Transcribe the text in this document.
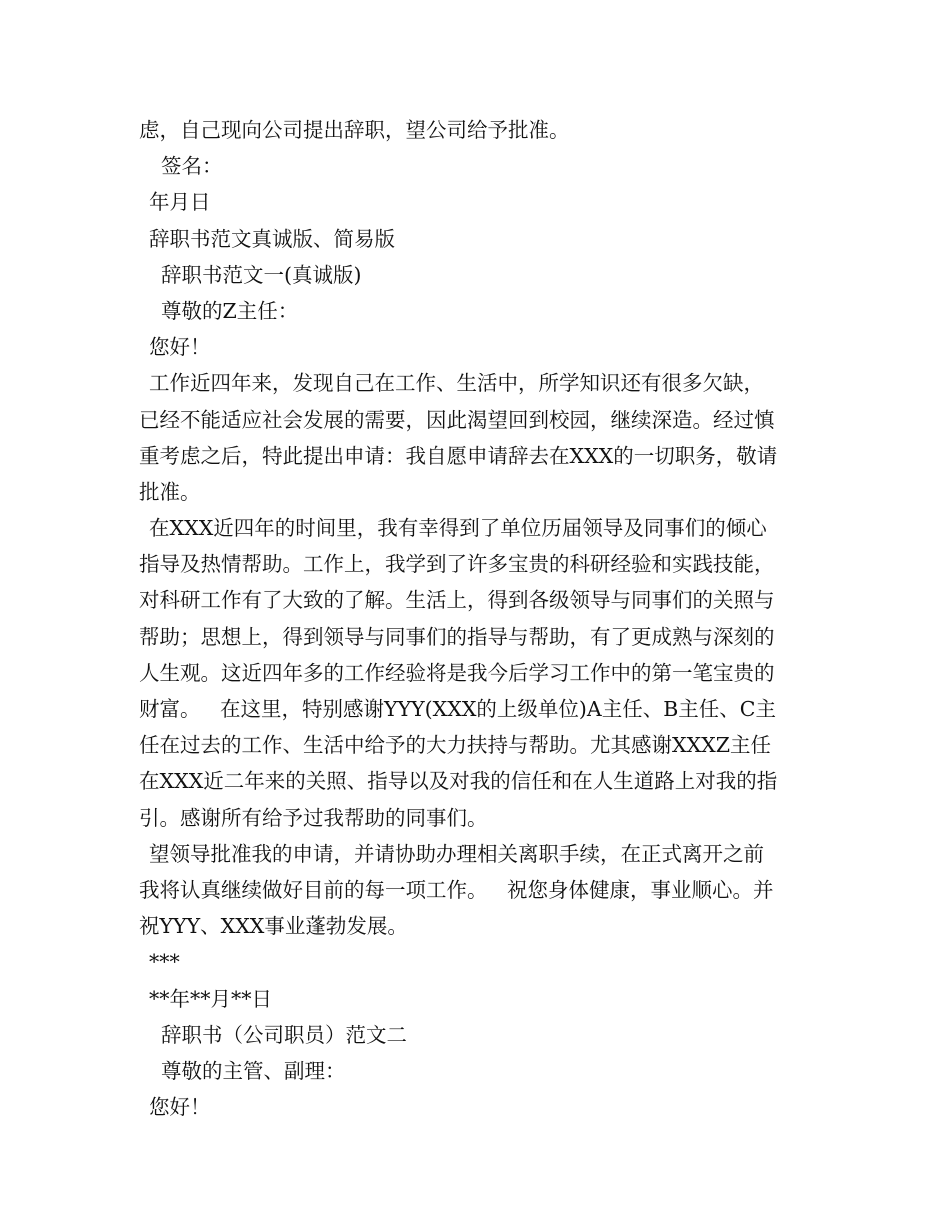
虑，自己现向公司提出辞职，望公司给予批准。
签名：
年月日
辞职书范文真诚版、简易版
辞职书范文一(真诚版)
尊敬的Z主任：
您好！
工作近四年来，发现自己在工作、生活中，所学知识还有很多欠缺，
已经不能适应社会发展的需要，因此渴望回到校园，继续深造。经过慎
重考虑之后，特此提出申请：我自愿申请辞去在XXX的一切职务，敬请
批准。
在XXX近四年的时间里，我有幸得到了单位历届领导及同事们的倾心
指导及热情帮助。工作上，我学到了许多宝贵的科研经验和实践技能，
对科研工作有了大致的了解。生活上，得到各级领导与同事们的关照与
帮助；思想上，得到领导与同事们的指导与帮助，有了更成熟与深刻的
人生观。这近四年多的工作经验将是我今后学习工作中的第一笔宝贵的
财富。   在这里，特别感谢YYY(XXX的上级单位)A主任、B主任、C主
任在过去的工作、生活中给予的大力扶持与帮助。尤其感谢XXXZ主任
在XXX近二年来的关照、指导以及对我的信任和在人生道路上对我的指
引。感谢所有给予过我帮助的同事们。
望领导批准我的申请，并请协助办理相关离职手续，在正式离开之前
我将认真继续做好目前的每一项工作。   祝您身体健康，事业顺心。并
祝YYY、XXX事业蓬勃发展。
***
**年**月**日
辞职书（公司职员）范文二
尊敬的主管、副理：
您好！
